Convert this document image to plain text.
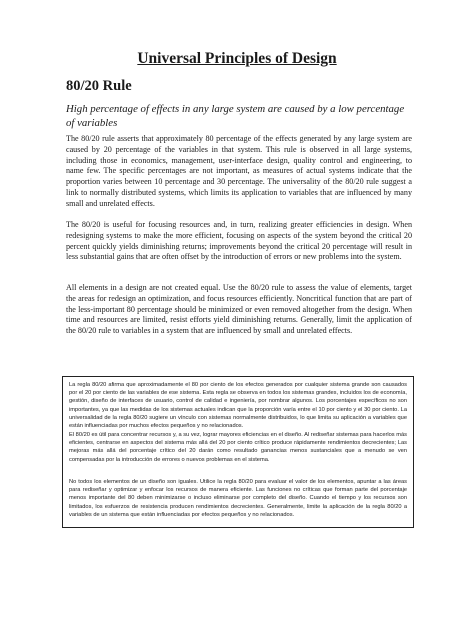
Universal Principles of Design
80/20 Rule

High percentage of effects in any large system are caused by a low percentage of variables

The 80/20 rule asserts that approximately 80 percentage of the effects generated by any large system are caused by 20 percentage of the variables in that system. This rule is observed in all large systems, including those in economics, management, user-interface design, quality control and engineering, to name few. The specific percentages are not important, as measures of actual systems indicate that the proportion varies between 10 percentage and 30 percentage. The universality of the 80/20 rule suggest a link to normally distributed systems, which limits its application to variables that are influenced by many small and unrelated effects.

The 80/20 is useful for focusing resources and, in turn, realizing greater efficiencies in design. When redesigning systems to make the more efficient, focusing on aspects of the system beyond the critical 20 percent quickly yields diminishing returns; improvements beyond the critical 20 percentage will result in less substantial gains that are often offset by the introduction of errors or new problems into the system.

All elements in a design are not created equal. Use the 80/20 rule to assess the value of elements, target the areas for redesign an optimization, and focus resources efficiently. Noncritical function that are part of the less-important 80 percentage should be minimized or even removed altogether from the design. When time and resources are limited, resist efforts yield diminishing returns. Generally, limit the application of the 80/20 rule to variables in a system that are influenced by small and unrelated effects.

La regla 80/20 afirma que aproximadamente el 80 por ciento de los efectos generados por cualquier sistema grande son causados por el 20 por ciento de las variables de ese sistema. Esta regla se observa en todos los sistemas grandes, incluidos los de economía, gestión, diseño de interfaces de usuario, control de calidad e ingeniería, por nombrar algunos. Los porcentajes específicos no son importantes, ya que las medidas de los sistemas actuales indican que la proporción varía entre el 10 por ciento y el 30 por ciento. La universalidad de la regla 80/20 sugiere un vínculo con sistemas normalmente distribuidos, lo que limita su aplicación a variables que están influenciadas por muchos efectos pequeños y no relacionados.

El 80/20 es útil para concentrar recursos y, a su vez, lograr mayores eficiencias en el diseño. Al rediseñar sistemas para hacerlos más eficientes, centrarse en aspectos del sistema más allá del 20 por ciento crítico produce rápidamente rendimientos decrecientes; Las mejoras más allá del porcentaje crítico del 20 darán como resultado ganancias menos sustanciales que a menudo se ven compensadas por la introducción de errores o nuevos problemas en el sistema.

No todos los elementos de un diseño son iguales. Utilice la regla 80/20 para evaluar el valor de los elementos, apuntar a las áreas para rediseñar y optimizar y enfocar los recursos de manera eficiente. Las funciones no críticas que forman parte del porcentaje menos importante del 80 deben minimizarse o incluso eliminarse por completo del diseño. Cuando el tiempo y los recursos son limitados, los esfuerzos de resistencia producen rendimientos decrecientes. Generalmente, limite la aplicación de la regla 80/20 a variables de un sistema que están influenciadas por efectos pequeños y no relacionados.
